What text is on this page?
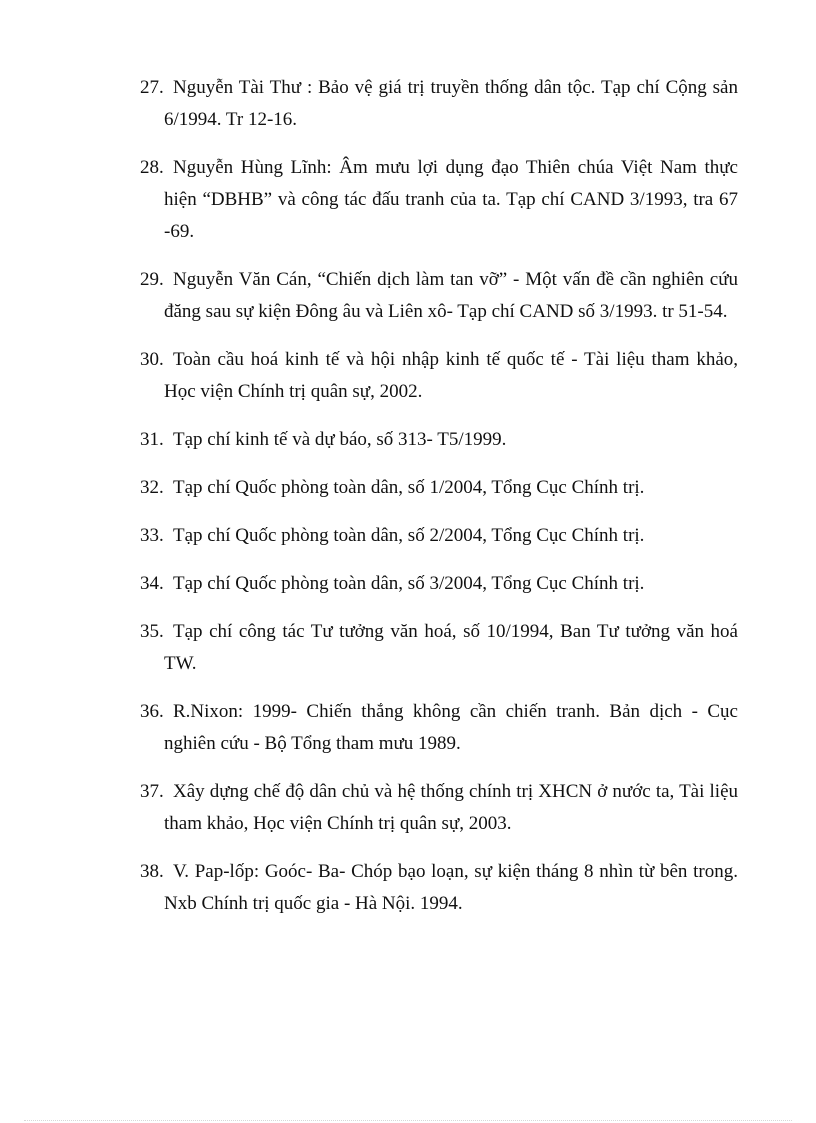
27. Nguyễn Tài Thư : Bảo vệ giá trị truyền thống dân tộc. Tạp chí Cộng sản 6/1994. Tr 12-16.
28. Nguyễn Hùng Lĩnh: Âm mưu lợi dụng đạo Thiên chúa Việt Nam thực hiện “DBHB” và công tác đấu tranh của ta. Tạp chí CAND 3/1993, tra 67 -69.
29. Nguyễn Văn Cán, “Chiến dịch làm tan vỡ” - Một vấn đề cần nghiên cứu đăng sau sự kiện Đông âu và Liên xô- Tạp chí CAND số 3/1993. tr 51-54.
30. Toàn cầu hoá kinh tế và hội nhập kinh tế quốc tế - Tài liệu tham khảo, Học viện Chính trị quân sự, 2002.
31. Tạp chí kinh tế và dự báo, số 313- T5/1999.
32. Tạp chí Quốc phòng toàn dân, số 1/2004, Tổng Cục Chính trị.
33. Tạp chí Quốc phòng toàn dân, số 2/2004, Tổng Cục Chính trị.
34. Tạp chí Quốc phòng toàn dân, số 3/2004, Tổng Cục Chính trị.
35. Tạp chí công tác Tư tưởng văn hoá, số 10/1994, Ban Tư tưởng văn hoá TW.
36. R.Nixon: 1999- Chiến thắng không cần chiến tranh. Bản dịch - Cục nghiên cứu - Bộ Tổng tham mưu 1989.
37. Xây dựng chế độ dân chủ và hệ thống chính trị XHCN ở nước ta, Tài liệu tham khảo, Học viện Chính trị quân sự, 2003.
38. V. Pap-lốp: Goóc- Ba- Chóp bạo loạn, sự kiện tháng 8 nhìn từ bên trong. Nxb Chính trị quốc gia - Hà Nội. 1994.
